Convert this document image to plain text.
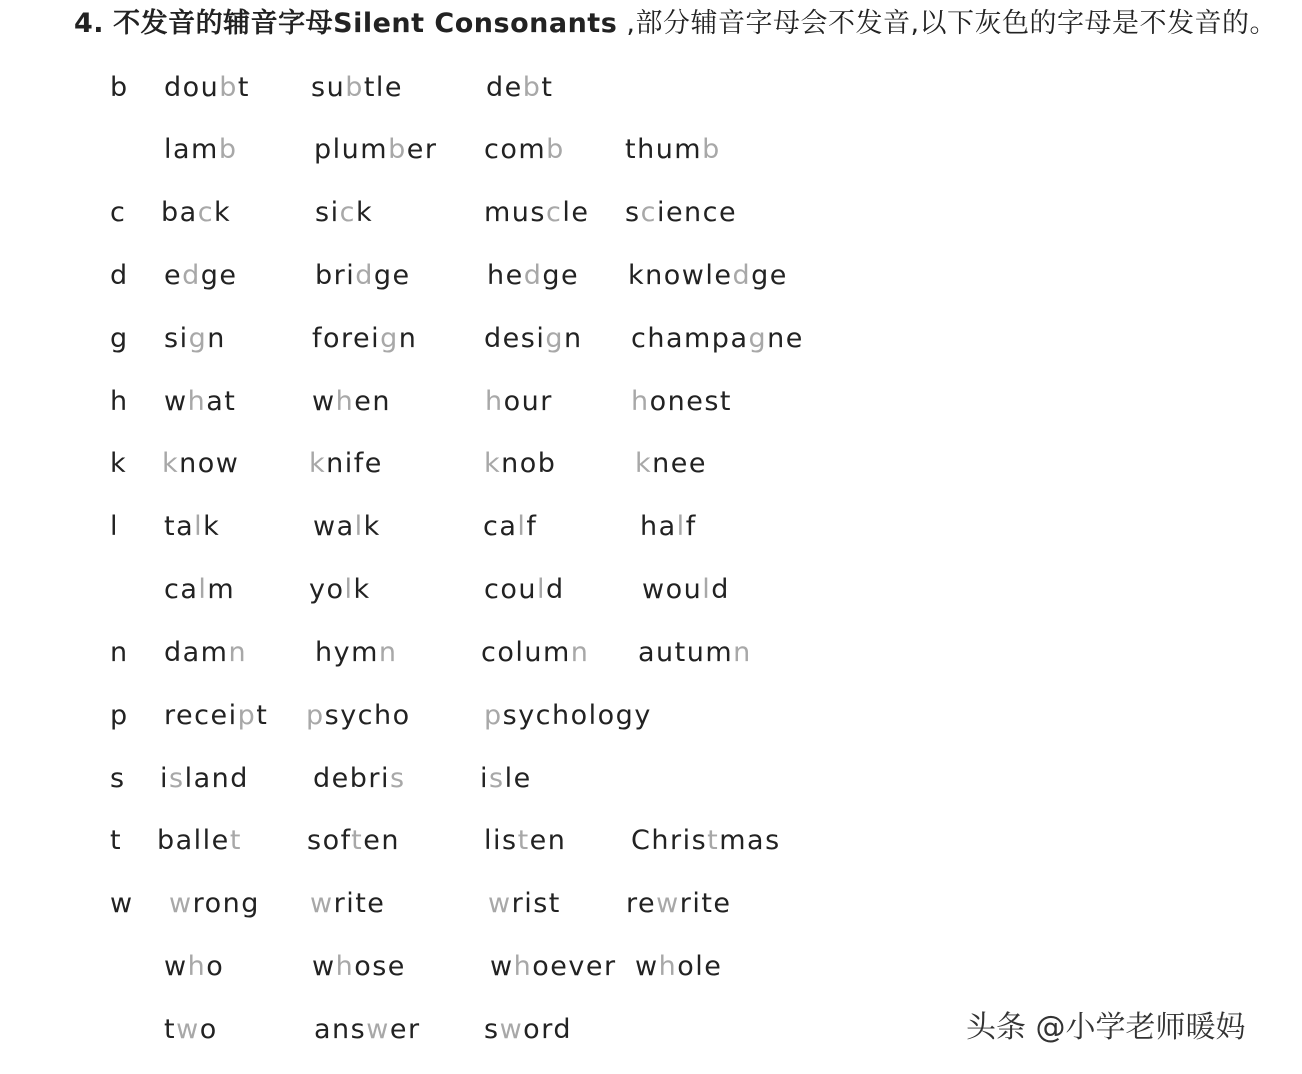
4. 不发音的辅音字母Silent Consonants ,部分辅音字母会不发音,以下灰色的字母是不发音的。
b doubt subtle	debt
lamb	plumber comb thumb
c back	sick	muscle science
d edge	bridge	hedge knowledge
g sign	foreign design champagne
h what	when	hour	honest
k know	knife	knob	knee
l talk	walk	calf	half
calm	yolk	could	would
n damn	hymn	column autumn
p receipt psycho	psychology
s island debris	isle
t ballet soften	listen Christmas
w wrong write	wrist rewrite
who	whose	whoever whole
two	answer sword	头条 @小学老师暖妈
